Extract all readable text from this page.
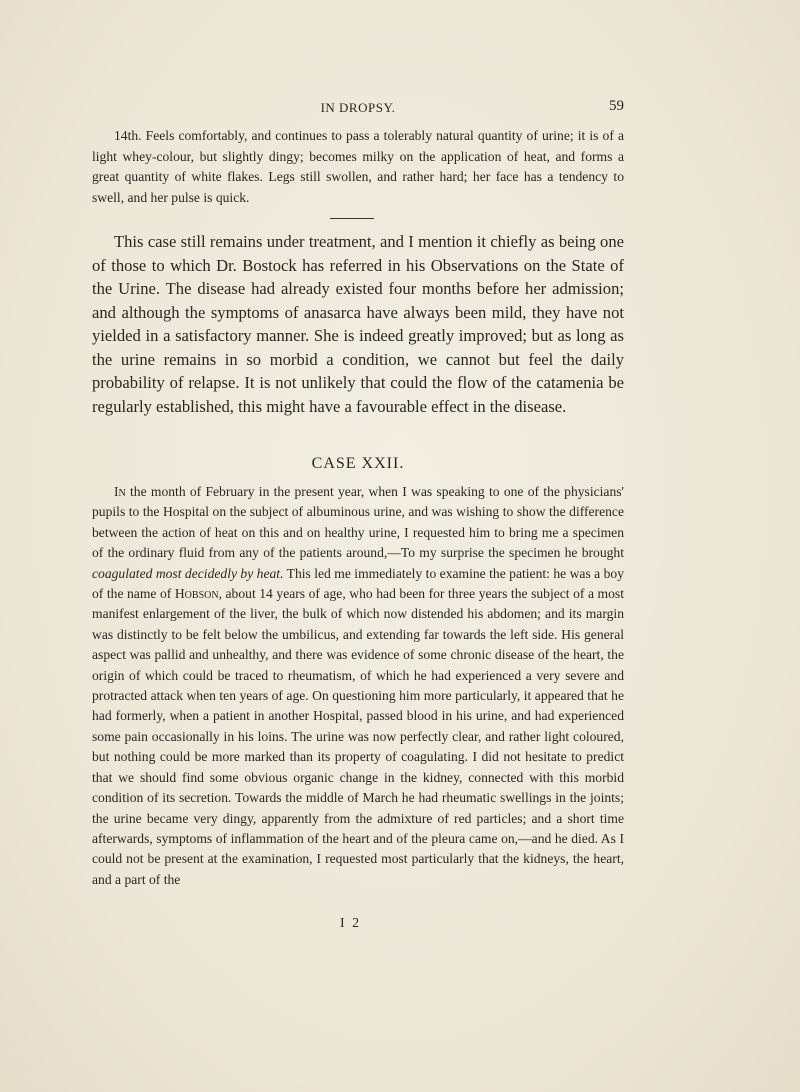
IN DROPSY.	59
14th. Feels comfortably, and continues to pass a tolerably natural quantity of urine; it is of a light whey-colour, but slightly dingy; becomes milky on the application of heat, and forms a great quantity of white flakes. Legs still swollen, and rather hard; her face has a tendency to swell, and her pulse is quick.
This case still remains under treatment, and I mention it chiefly as being one of those to which Dr. Bostock has referred in his Observations on the State of the Urine. The disease had already existed four months before her admission; and although the symptoms of anasarca have always been mild, they have not yielded in a satisfactory manner. She is indeed greatly improved; but as long as the urine remains in so morbid a condition, we cannot but feel the daily probability of relapse. It is not unlikely that could the flow of the catamenia be regularly established, this might have a favourable effect in the disease.
CASE XXII.
In the month of February in the present year, when I was speaking to one of the physicians' pupils to the Hospital on the subject of albuminous urine, and was wishing to show the difference between the action of heat on this and on healthy urine, I requested him to bring me a specimen of the ordinary fluid from any of the patients around,—To my surprise the specimen he brought coagulated most decidedly by heat. This led me immediately to examine the patient: he was a boy of the name of Hobson, about 14 years of age, who had been for three years the subject of a most manifest enlargement of the liver, the bulk of which now distended his abdomen; and its margin was distinctly to be felt below the umbilicus, and extending far towards the left side. His general aspect was pallid and unhealthy, and there was evidence of some chronic disease of the heart, the origin of which could be traced to rheumatism, of which he had experienced a very severe and protracted attack when ten years of age. On questioning him more particularly, it appeared that he had formerly, when a patient in another Hospital, passed blood in his urine, and had experienced some pain occasionally in his loins. The urine was now perfectly clear, and rather light coloured, but nothing could be more marked than its property of coagulating. I did not hesitate to predict that we should find some obvious organic change in the kidney, connected with this morbid condition of its secretion. Towards the middle of March he had rheumatic swellings in the joints; the urine became very dingy, apparently from the admixture of red particles; and a short time afterwards, symptoms of inflammation of the heart and of the pleura came on,—and he died. As I could not be present at the examination, I requested most particularly that the kidneys, the heart, and a part of the
I 2
